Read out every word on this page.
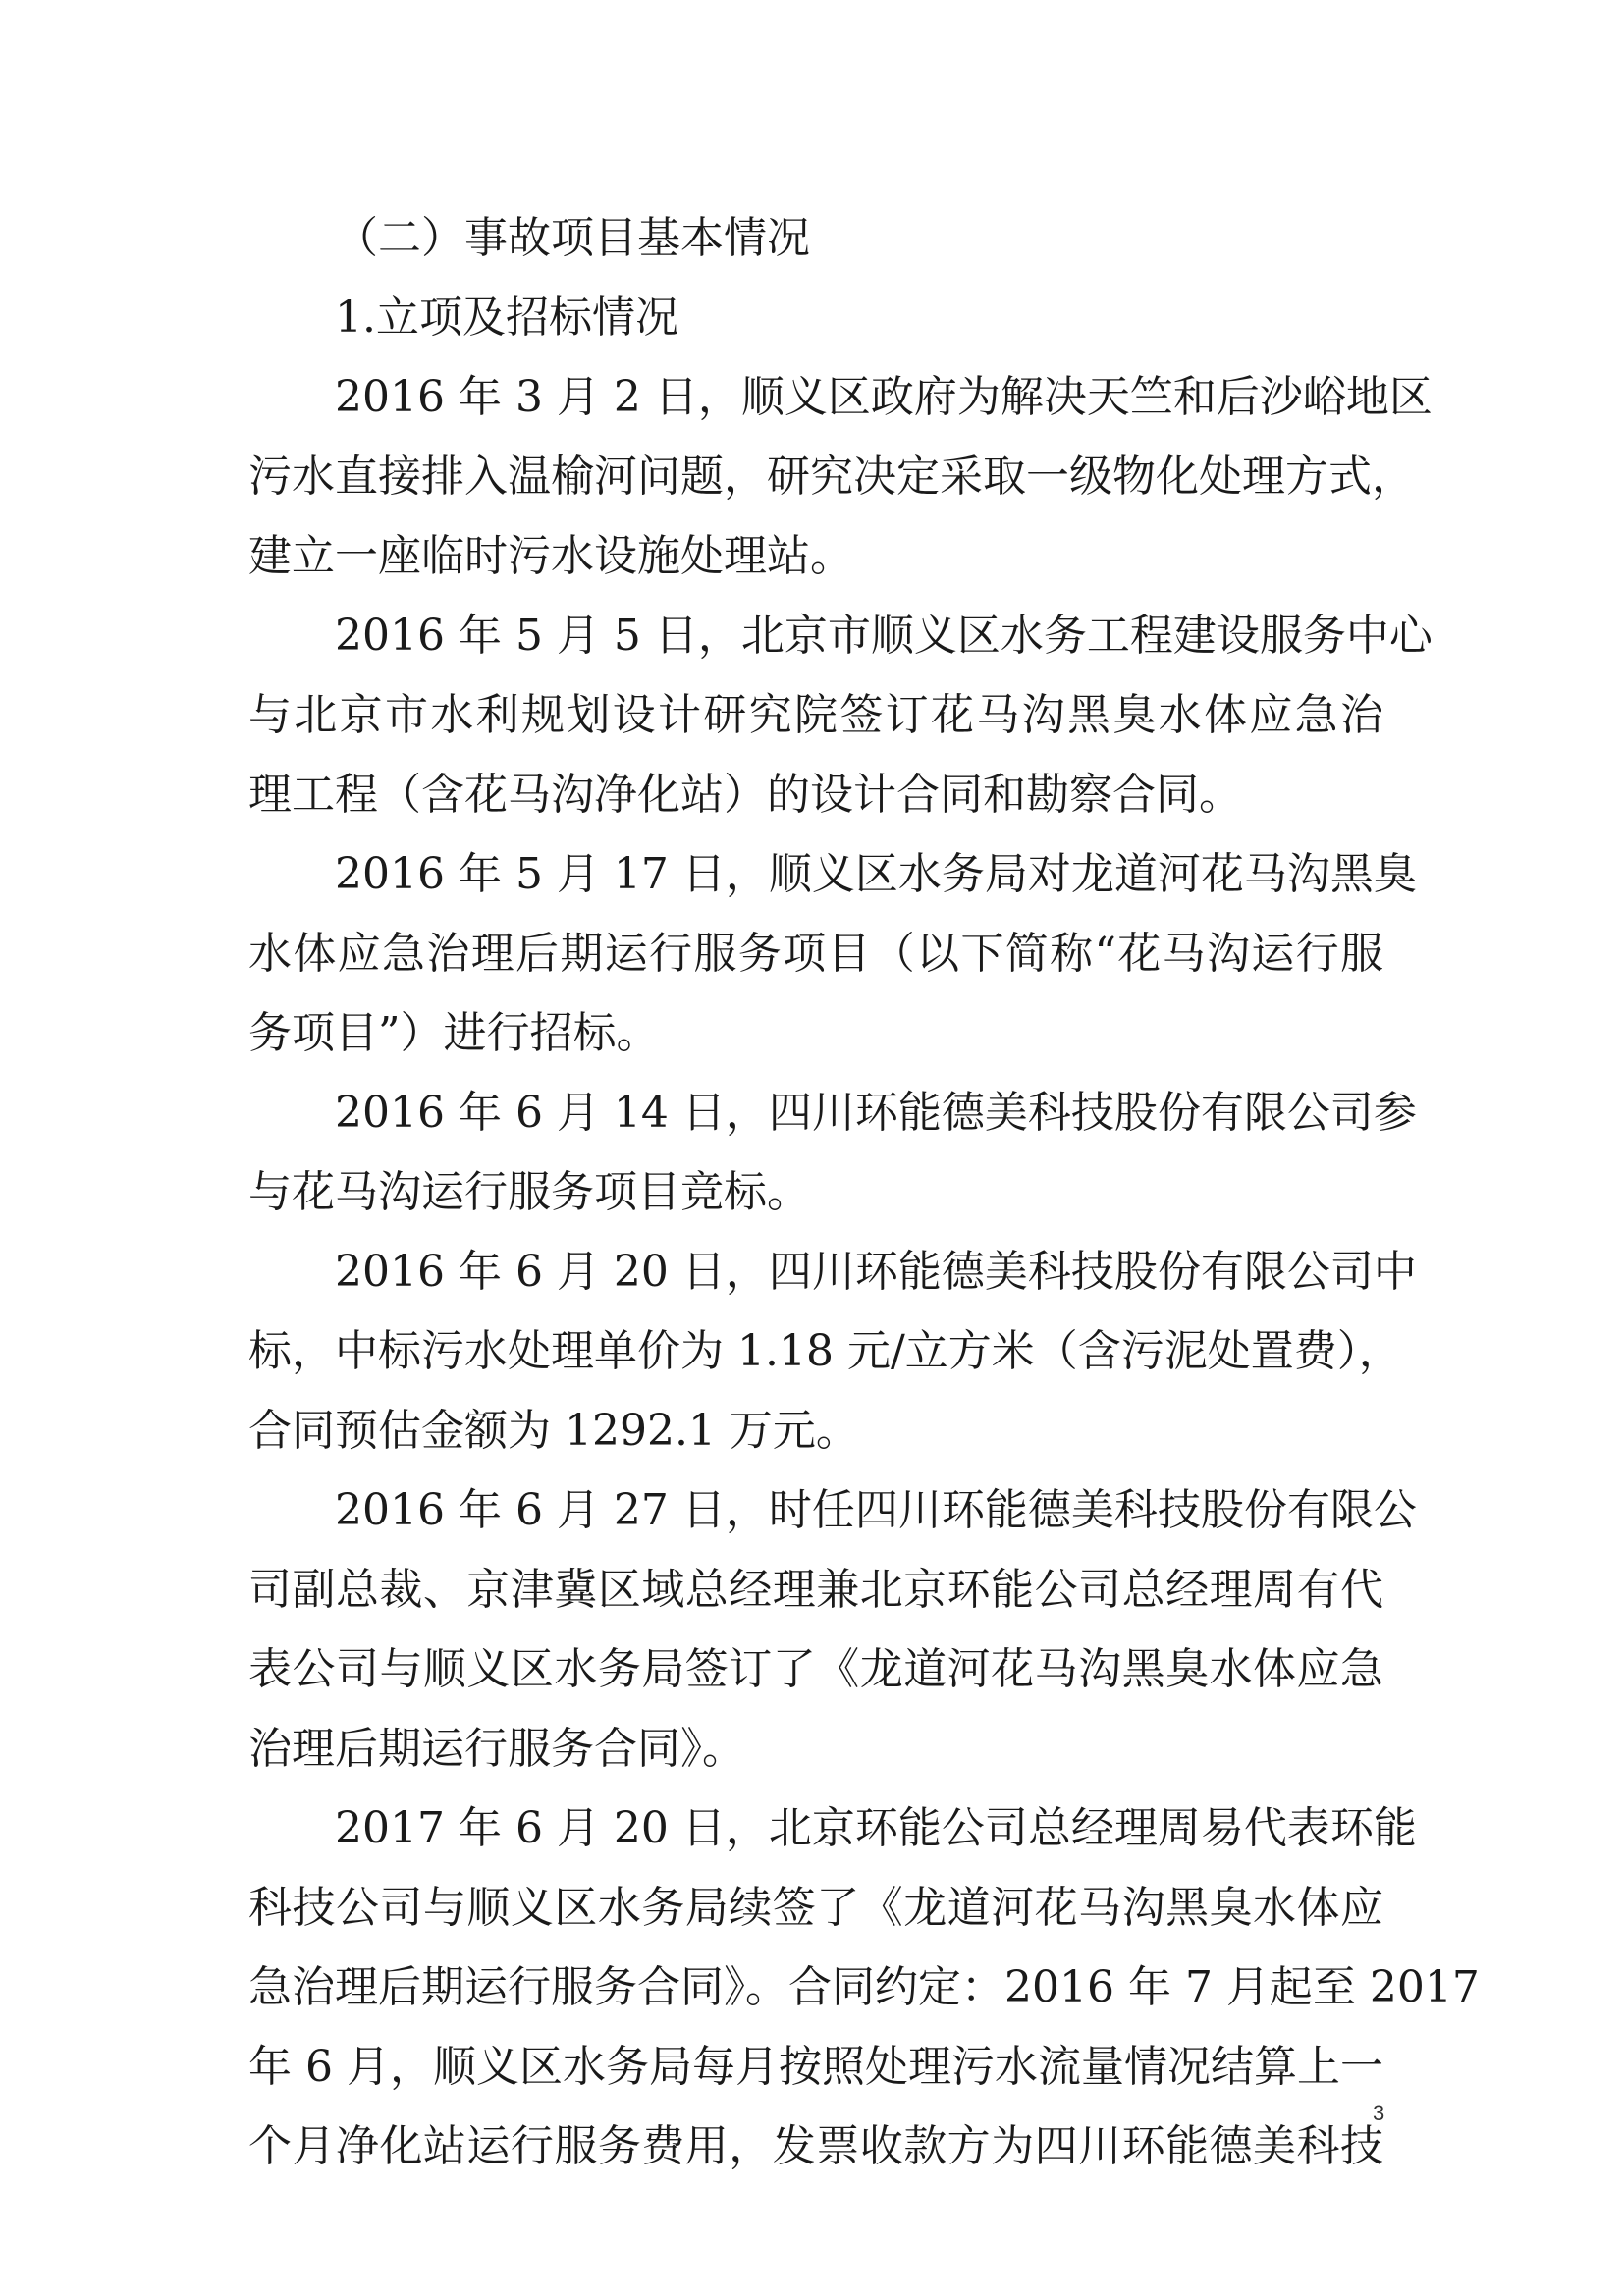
（二）事故项目基本情况
1.立项及招标情况
2016 年 3 月 2 日，顺义区政府为解决天竺和后沙峪地区
污水直接排入温榆河问题，研究决定采取一级物化处理方式，
建立一座临时污水设施处理站。
2016 年 5 月 5 日，北京市顺义区水务工程建设服务中心
与北京市水利规划设计研究院签订花马沟黑臭水体应急治
理工程（含花马沟净化站）的设计合同和勘察合同。
2016 年 5 月 17 日，顺义区水务局对龙道河花马沟黑臭
水体应急治理后期运行服务项目（以下简称“花马沟运行服
务项目”）进行招标。
2016 年 6 月 14 日，四川环能德美科技股份有限公司参
与花马沟运行服务项目竞标。
2016 年 6 月 20 日，四川环能德美科技股份有限公司中
标，中标污水处理单价为 1.18 元/立方米（含污泥处置费），
合同预估金额为 1292.1 万元。
2016 年 6 月 27 日，时任四川环能德美科技股份有限公
司副总裁、京津冀区域总经理兼北京环能公司总经理周有代
表公司与顺义区水务局签订了《龙道河花马沟黑臭水体应急
治理后期运行服务合同》。
2017 年 6 月 20 日，北京环能公司总经理周易代表环能
科技公司与顺义区水务局续签了《龙道河花马沟黑臭水体应
急治理后期运行服务合同》。合同约定：2016 年 7 月起至 2017
年 6 月，顺义区水务局每月按照处理污水流量情况结算上一
个月净化站运行服务费用，发票收款方为四川环能德美科技
3
